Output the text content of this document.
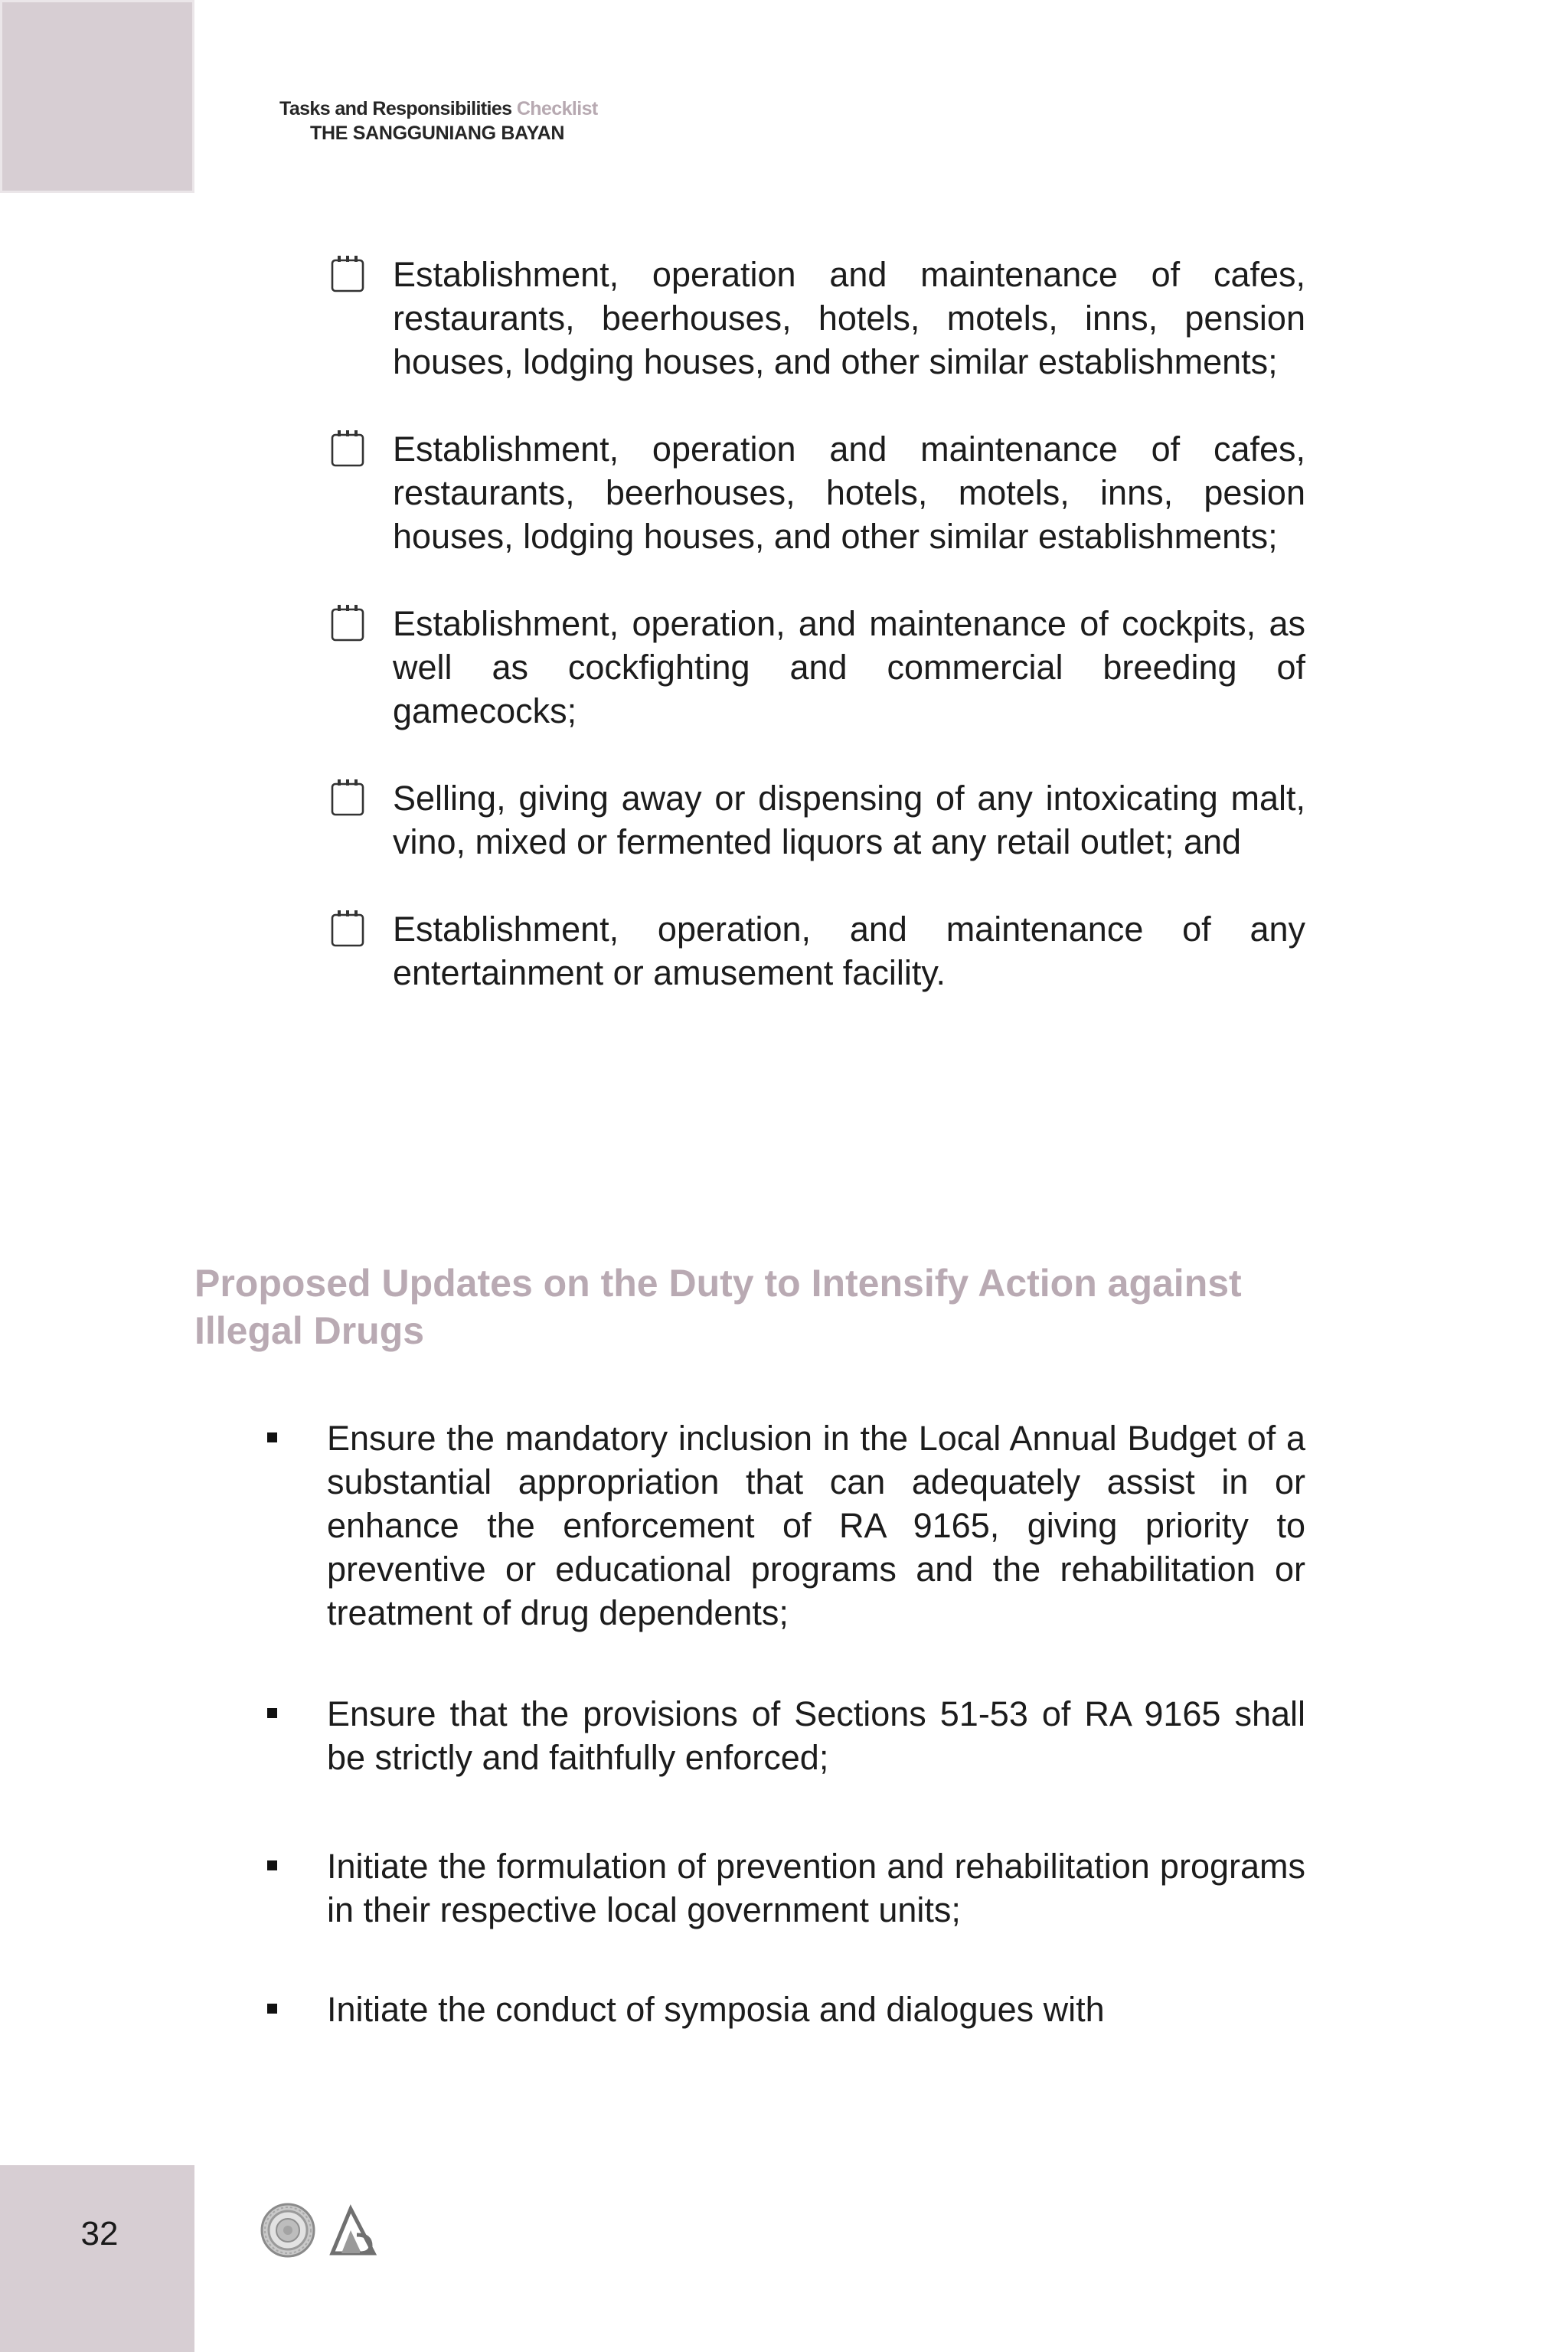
Tasks and Responsibilities Checklist
THE SANGGUNIANG BAYAN
Establishment, operation and maintenance of cafes, restaurants, beerhouses, hotels, motels, inns, pension houses, lodging houses, and other similar establishments;
Establishment, operation and maintenance of cafes, restaurants, beerhouses, hotels, motels, inns, pesion houses, lodging houses, and other similar establishments;
Establishment, operation, and maintenance of cockpits, as well as cockfighting and commercial breeding of gamecocks;
Selling, giving away or dispensing of any intoxicating malt, vino, mixed or fermented liquors at any retail outlet; and
Establishment, operation, and maintenance of any entertainment or amusement facility.
Proposed Updates on the Duty to Intensify Action against Illegal Drugs
Ensure the mandatory inclusion in the Local Annual Budget of a substantial appropriation that can adequately assist in or enhance the enforcement of RA 9165, giving priority to preventive or educational programs and the rehabilitation or treatment of drug dependents;
Ensure that the provisions of Sections 51-53 of RA 9165 shall be strictly and faithfully enforced;
Initiate the formulation of prevention and rehabilitation programs in their respective local government units;
Initiate the conduct of symposia and dialogues with
32
